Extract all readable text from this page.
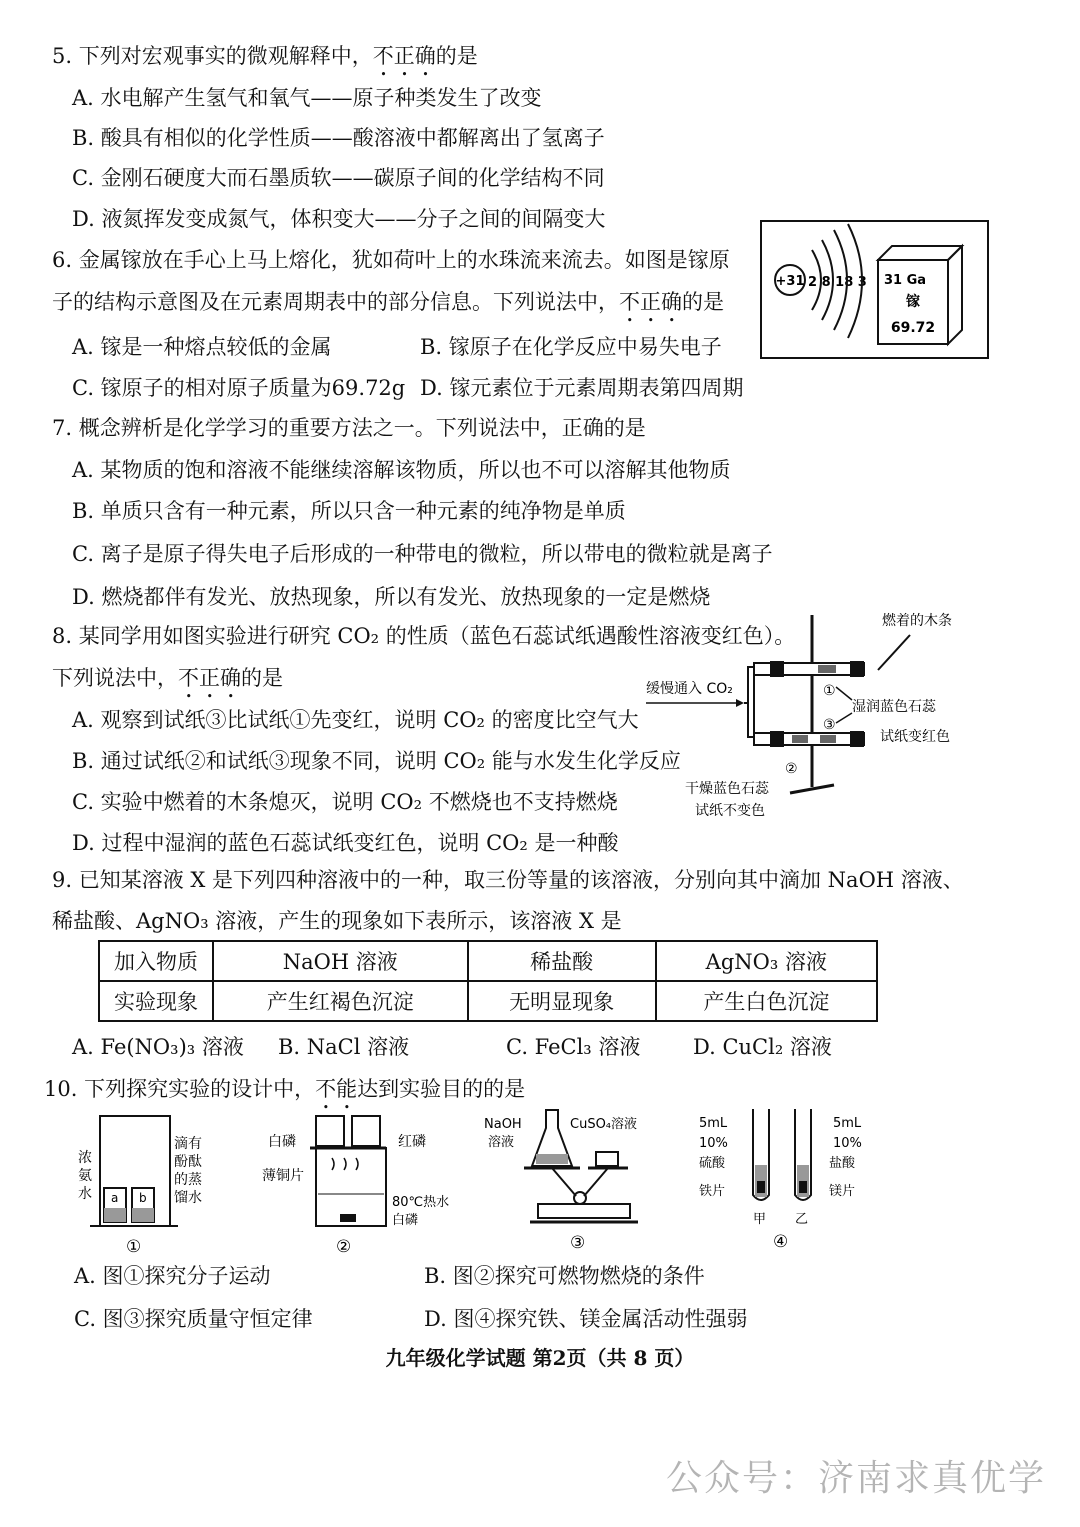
5. 下列对宏观事实的微观解释中，不正确的是
A. 水电解产生氢气和氧气——原子种类发生了改变
B. 酸具有相似的化学性质——酸溶液中都解离出了氢离子
C. 金刚石硬度大而石墨质软——碳原子间的化学结构不同
D. 液氮挥发变成氮气，体积变大——分子之间的间隔变大
6. 金属镓放在手心上马上熔化，犹如荷叶上的水珠流来流去。如图是镓原
子的结构示意图及在元素周期表中的部分信息。下列说法中，不正确的是
A. 镓是一种熔点较低的金属	B. 镓原子在化学反应中易失电子
C. 镓原子的相对原子质量为69.72g D. 镓元素位于元素周期表第四周期
+31 2 8 18 3 31 Ga
镓
69.72
7. 概念辨析是化学学习的重要方法之一。下列说法中，正确的是
A. 某物质的饱和溶液不能继续溶解该物质，所以也不可以溶解其他物质
B. 单质只含有一种元素，所以只含一种元素的纯净物是单质
C. 离子是原子得失电子后形成的一种带电的微粒，所以带电的微粒就是离子
D. 燃烧都伴有发光、放热现象，所以有发光、放热现象的一定是燃烧
8. 某同学用如图实验进行研究 CO₂ 的性质（蓝色石蕊试纸遇酸性溶液变红色）。
下列说法中，不正确的是
A. 观察到试纸③比试纸①先变红，说明 CO₂ 的密度比空气大
B. 通过试纸②和试纸③现象不同，说明 CO₂ 能与水发生化学反应
C. 实验中燃着的木条熄灭，说明 CO₂ 不燃烧也不支持燃烧
D. 过程中湿润的蓝色石蕊试纸变红色，说明 CO₂ 是一种酸
燃着的木条
缓慢通入 CO₂	①
③
②
湿润蓝色石蕊
试纸变红色
干燥蓝色石蕊
试纸不变色
9. 已知某溶液 X 是下列四种溶液中的一种，取三份等量的该溶液，分别向其中滴加 NaOH 溶液、
稀盐酸、AgNO₃ 溶液，产生的现象如下表所示，该溶液 X 是
加入物质	NaOH 溶液	稀盐酸	AgNO₃ 溶液
实验现象	产生红褐色沉淀	无明显现象	产生白色沉淀
A. Fe(NO₃)₃ 溶液 B. NaCl 溶液	C. FeCl₃ 溶液	D. CuCl₂ 溶液
10. 下列探究实验的设计中，不能达到实验目的的是
浓
氨
水 a b
滴有
酚酞
的蒸
馏水
①
白磷	红磷
薄铜片
80℃热水
白磷
②
NaOH
溶液
CuSO₄溶液
③
5mL
10%
硫酸
铁片
5mL
10%
盐酸
镁片
甲 乙
④
A. 图①探究分子运动	B. 图②探究可燃物燃烧的条件
C. 图③探究质量守恒定律	D. 图④探究铁、镁金属活动性强弱
九年级化学试题 第2页（共 8 页）
公众号：济南求真优学
